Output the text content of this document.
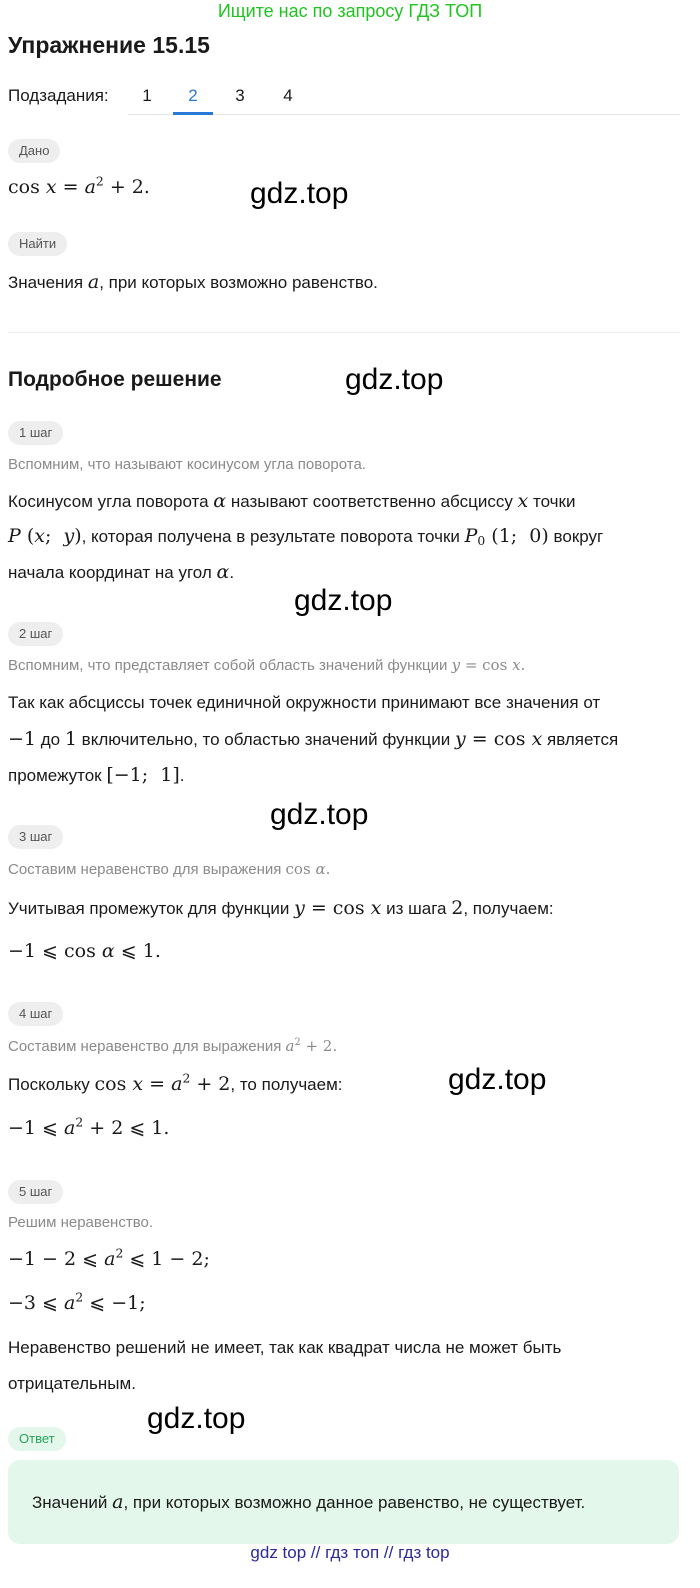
Ищите нас по запросу ГДЗ ТОП
Упражнение 15.15
Подзадания:	1	2	3	4
Дано
$\cos x = a^2 + 2$.	gdz.top
Найти
Значения a, при которых возможно равенство.
Подробное решение	gdz.top
1 шаг
Вспомним, что называют косинусом угла поворота.
Косинусом угла поворота α называют соответственно абсциссу x точки
P (x;  y), которая получена в результате поворота точки $P_0$ (1;  0) вокруг
начала координат на угол α.
gdz.top
2 шаг
Вспомним, что представляет собой область значений функции y = cos x.
Так как абсциссы точек единичной окружности принимают все значения от
−1 до 1 включительно, то областью значений функции y = cos x является
промежуток [−1;  1].
gdz.top
3 шаг
Составим неравенство для выражения cos α.
Учитывая промежуток для функции y = cos x из шага 2, получаем:
−1 ⩽ cos α ⩽ 1.
4 шаг
Составим неравенство для выражения $a^2 + 2$.
Поскольку $\cos x = a^2 + 2$, то получаем:	gdz.top
−1 ⩽ $a^2 + 2$ ⩽ 1.
5 шаг
Решим неравенство.
−1 − 2 ⩽ $a^2$ ⩽ 1 − 2;
−3 ⩽ $a^2$ ⩽ −1;
Неравенство решений не имеет, так как квадрат числа не может быть
отрицательным.
gdz.top
Ответ
Значений a, при которых возможно данное равенство, не существует.
gdz top // гдз топ // гдз top
